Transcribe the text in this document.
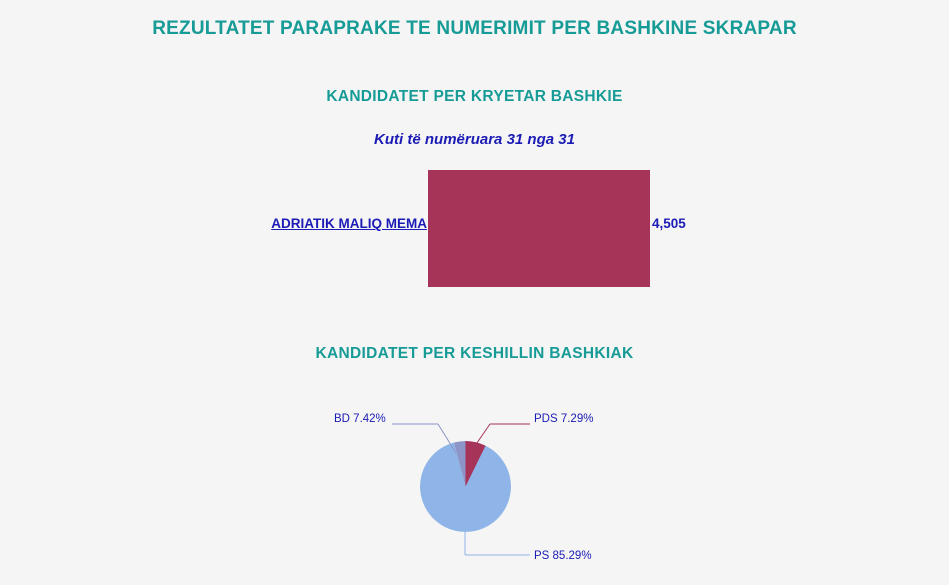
REZULTATET PARAPRAKE TE NUMERIMIT PER BASHKINE SKRAPAR
KANDIDATET PER KRYETAR BASHKIE
Kuti të numëruara 31 nga 31
ADRIATIK MALIQ MEMA	4,505
KANDIDATET PER KESHILLIN BASHKIAK
BD 7.42%	PDS 7.29%
PS 85.29%
